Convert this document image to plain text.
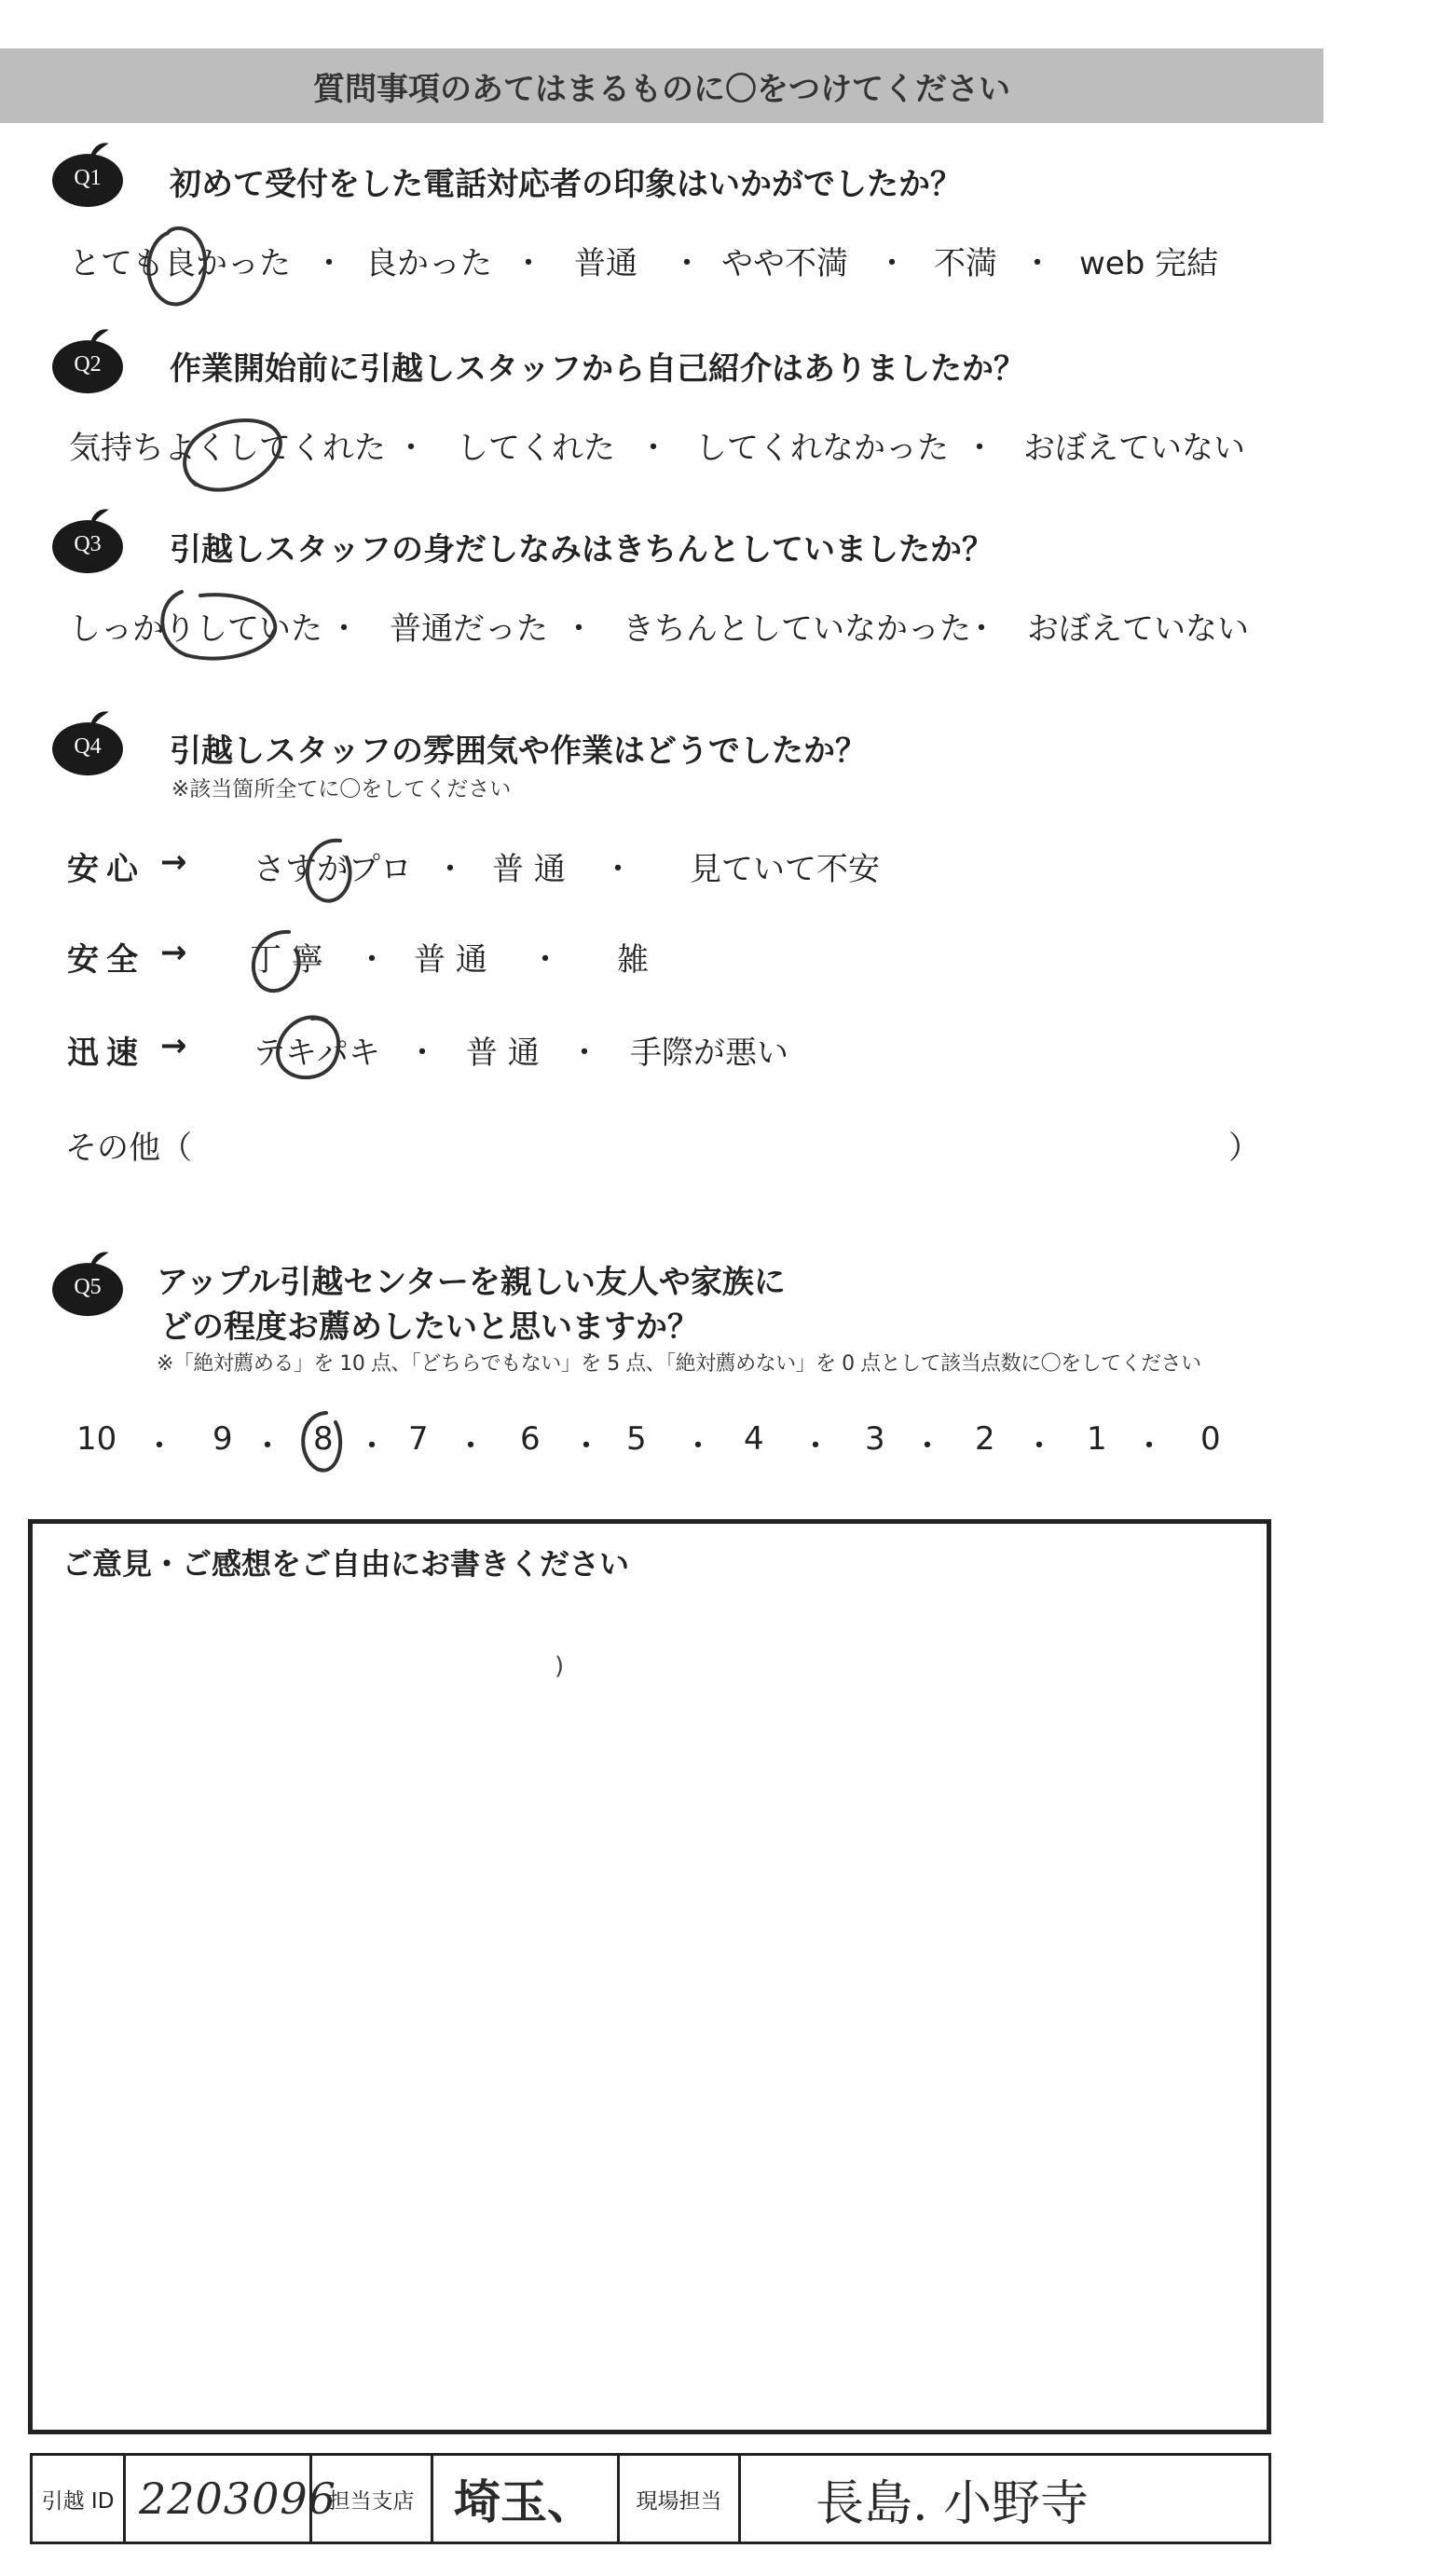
質問事項のあてはまるものに〇をつけてください
Q1	初めて受付をした電話対応者の印象はいかがでしたか？
とても良かった ・ 良かった ・ 普通 ・ やや不満 ・ 不満 ・ web 完結
Q2	作業開始前に引越しスタッフから自己紹介はありましたか？
気持ちよくしてくれた ・ してくれた ・ してくれなかった ・ おぼえていない
Q3	引越しスタッフの身だしなみはきちんとしていましたか？
しっかりしていた ・ 普通だった ・ きちんとしていなかった
・ おぼえていない
Q4	引越しスタッフの雰囲気や作業はどうでしたか？
※該当箇所全てに〇をしてください
安心 → さすがプロ ・ 普 通 ・ 見ていて不安
安全 → 丁 寧 ・ 普 通 ・ 雑
迅速 → テキパキ ・ 普 通 ・ 手際が悪い
その他（	）
Q5	アップル引越センターを親しい友人や家族に
どの程度お薦めしたいと思いますか？
※「絶対薦める」を 10 点、「どちらでもない」を 5 点、「絶対薦めない」を 0 点として該当点数に〇をしてください
10 ・ 9 ・ 8 ・ 7 ・ 6 ・ 5 ・ 4 ・ 3 ・ 2 ・ 1 ・ 0
ご意見・ご感想をご自由にお書きください
)
引越 ID 2203096
担当支店 埼玉、 現場担当 長島. 小野寺
